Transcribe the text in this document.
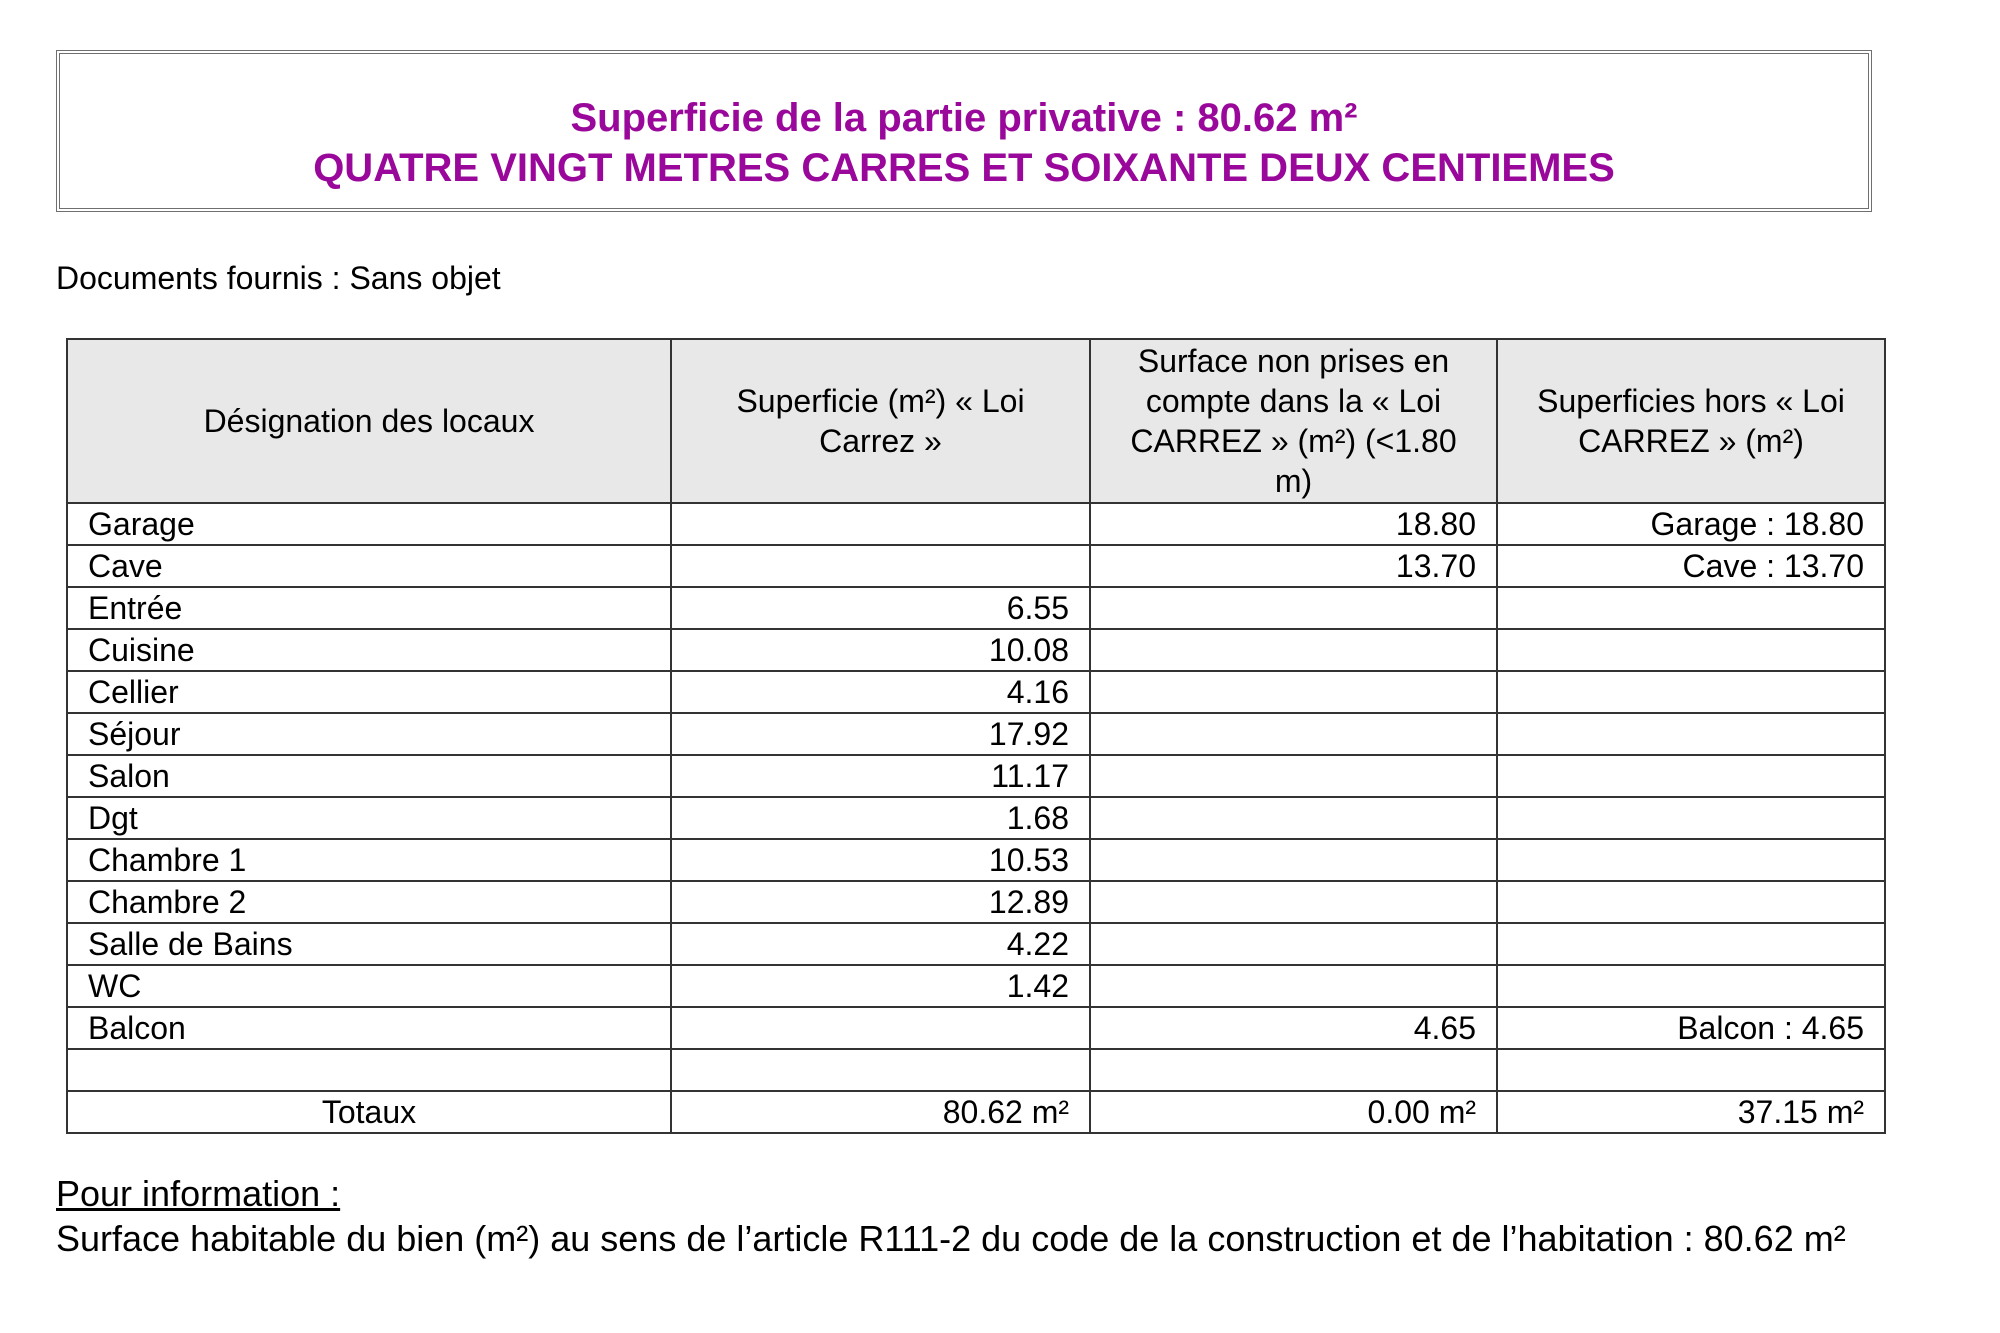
Superficie de la partie privative : 80.62 m²
QUATRE VINGT METRES CARRES ET SOIXANTE DEUX CENTIEMES
Documents fournis : Sans objet
Désignation des locaux	Superficie (m²) « Loi Carrez »	Surface non prises en compte dans la « Loi CARREZ » (m²) (<1.80 m)	Superficies hors « Loi CARREZ » (m²)
Garage		18.80	Garage : 18.80
Cave		13.70	Cave : 13.70
Entrée	6.55		
Cuisine	10.08		
Cellier	4.16		
Séjour	17.92		
Salon	11.17		
Dgt	1.68		
Chambre 1	10.53		
Chambre 2	12.89		
Salle de Bains	4.22		
WC	1.42		
Balcon		4.65	Balcon : 4.65

Totaux	80.62 m²	0.00 m²	37.15 m²
Pour information :
Surface habitable du bien (m²) au sens de l’article R111-2 du code de la construction et de l’habitation : 80.62 m²
